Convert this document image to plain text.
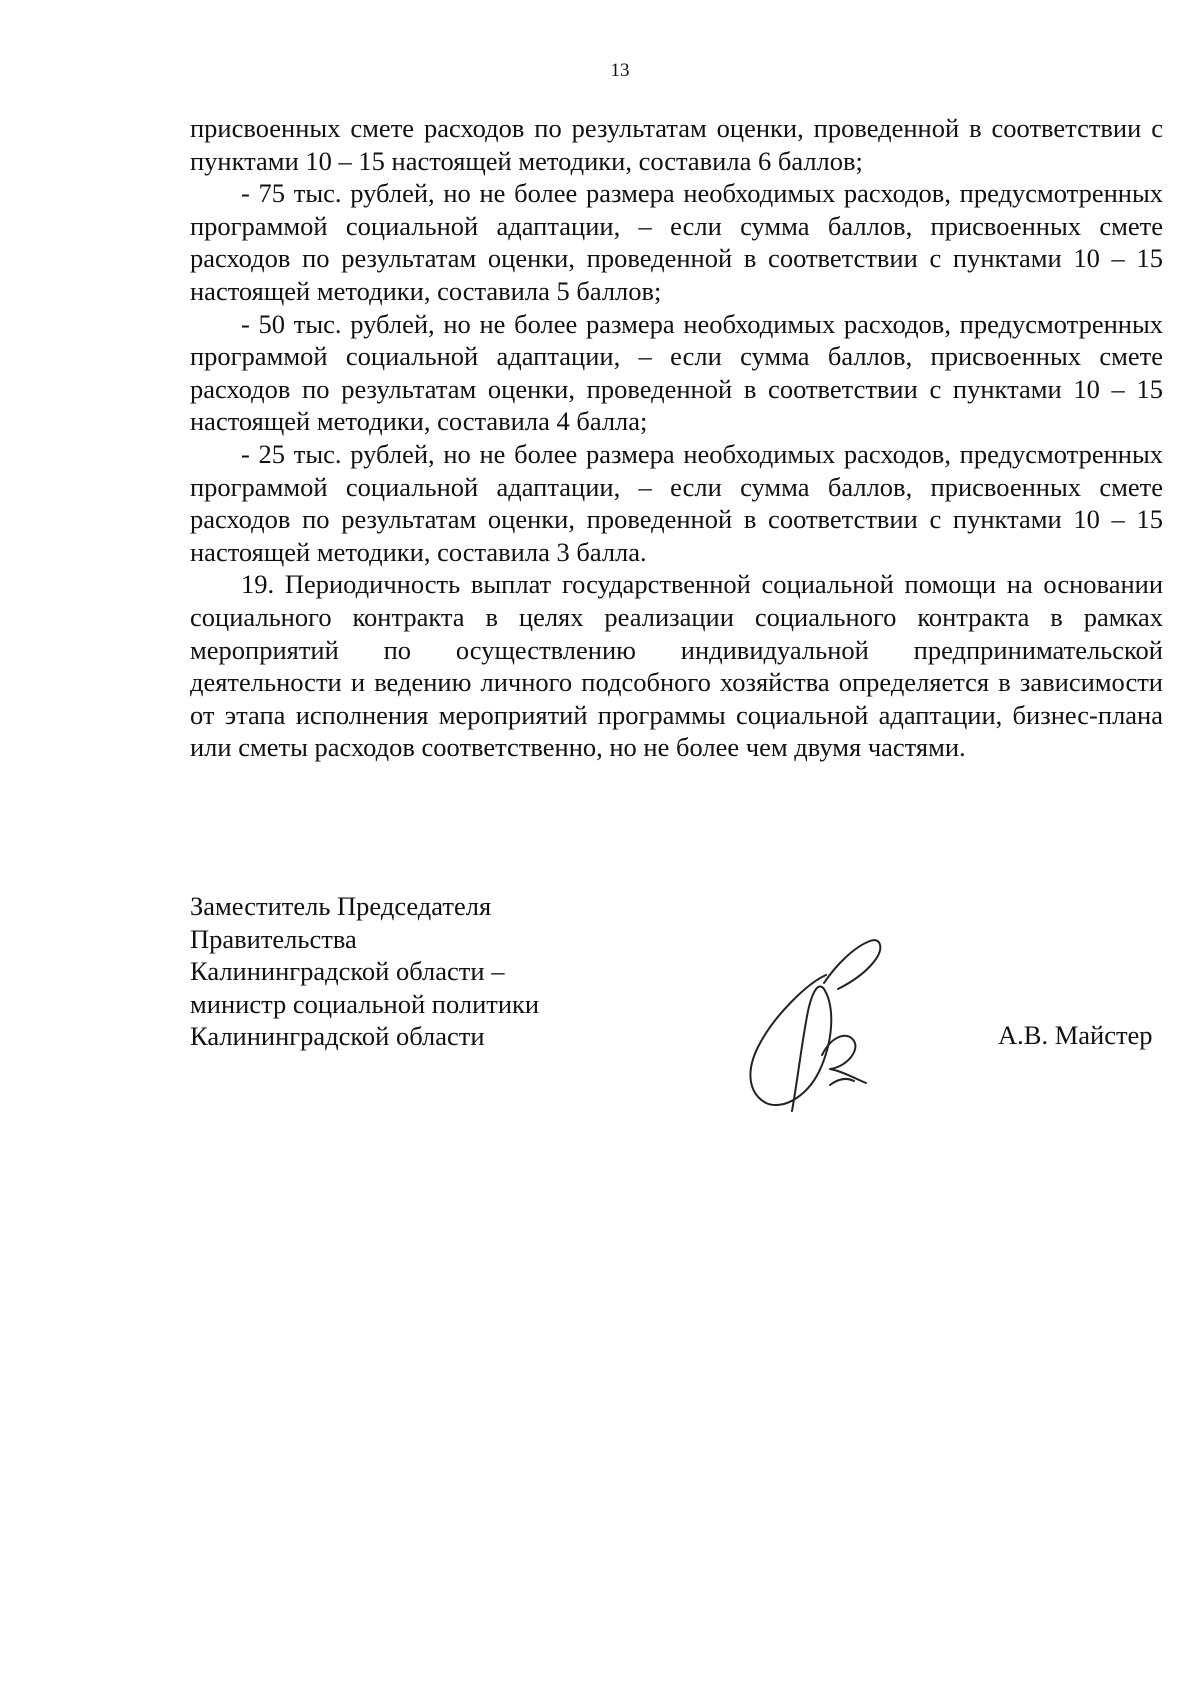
13

присвоенных смете расходов по результатам оценки, проведенной в соответствии с пунктами 10 – 15 настоящей методики, составила 6 баллов;

- 75 тыс. рублей, но не более размера необходимых расходов, предусмотренных программой социальной адаптации, – если сумма баллов, присвоенных смете расходов по результатам оценки, проведенной в соответствии с пунктами 10 – 15 настоящей методики, составила 5 баллов;

- 50 тыс. рублей, но не более размера необходимых расходов, предусмотренных программой социальной адаптации, – если сумма баллов, присвоенных смете расходов по результатам оценки, проведенной в соответствии с пунктами 10 – 15 настоящей методики, составила 4 балла;

- 25 тыс. рублей, но не более размера необходимых расходов, предусмотренных программой социальной адаптации, – если сумма баллов, присвоенных смете расходов по результатам оценки, проведенной в соответствии с пунктами 10 – 15 настоящей методики, составила 3 балла.

19. Периодичность выплат государственной социальной помощи на основании социального контракта в целях реализации социального контракта в рамках мероприятий по осуществлению индивидуальной предпринимательской деятельности и ведению личного подсобного хозяйства определяется в зависимости от этапа исполнения мероприятий программы социальной адаптации, бизнес-плана или сметы расходов соответственно, но не более чем двумя частями.

Заместитель Председателя
Правительства
Калининградской области –
министр социальной политики
Калининградской области	А.В. Майстер
